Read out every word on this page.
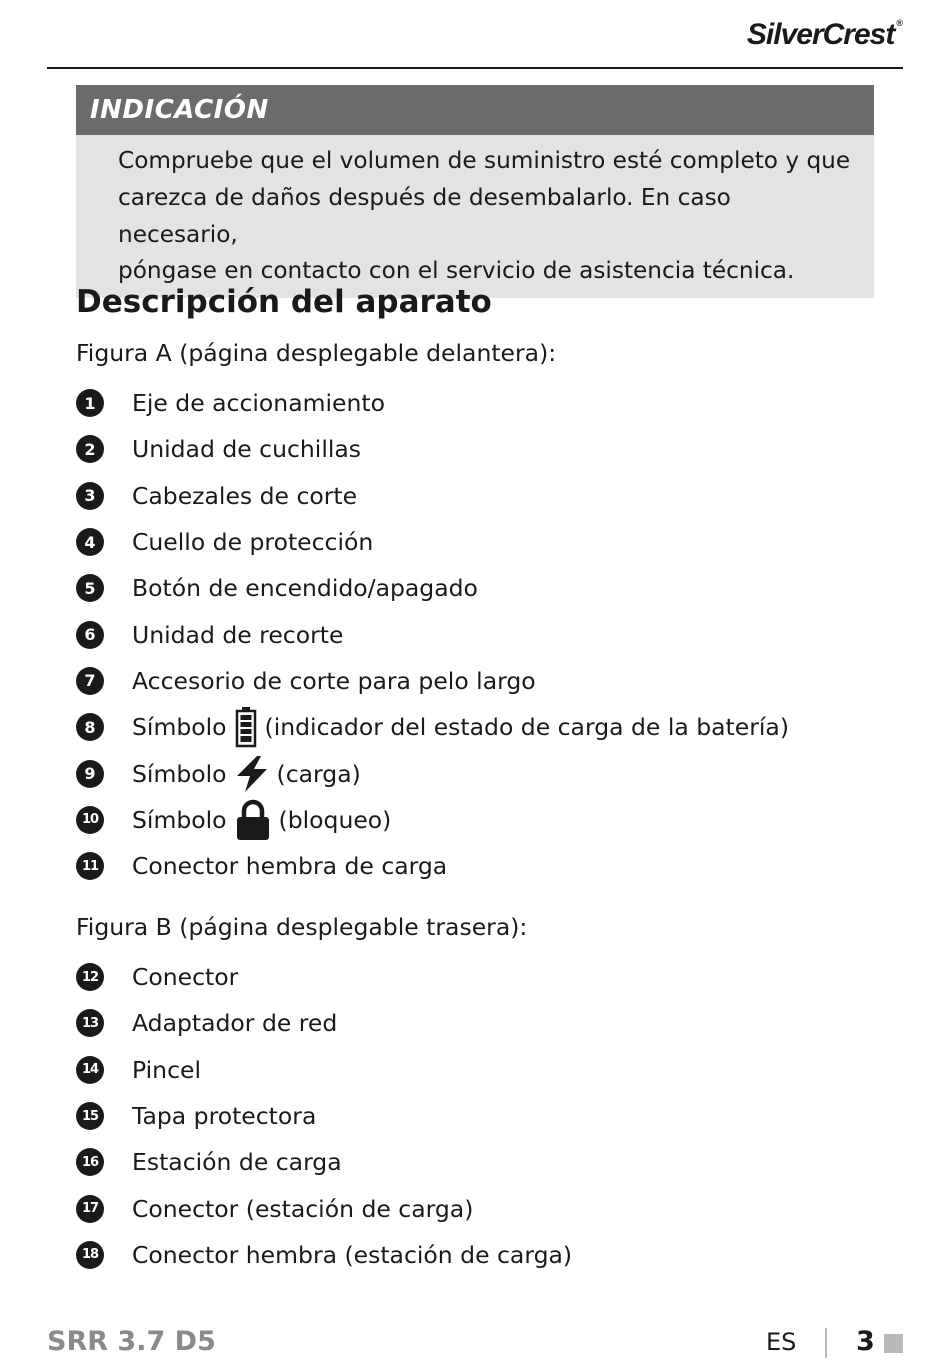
SilverCrest ®
INDICACIÓN
Compruebe que el volumen de suministro esté completo y que
carezca de daños después de desembalarlo. En caso necesario,
póngase en contacto con el servicio de asistencia técnica.
Descripción del aparato
Figura A (página desplegable delantera):
1	Eje de accionamiento
2	Unidad de cuchillas
3	Cabezales de corte
4	Cuello de protección
5	Botón de encendido/apagado
6	Unidad de recorte
7	Accesorio de corte para pelo largo
8	Símbolo (indicador del estado de carga de la batería)
9	Símbolo (carga)
10 Símbolo (bloqueo)
11 Conector hembra de carga
Figura B (página desplegable trasera):
12 Conector
13 Adaptador de red
14 Pincel
15 Tapa protectora
16 Estación de carga
17 Conector (estación de carga)
18 Conector hembra (estación de carga)
SRR 3.7 D5	ES 3
